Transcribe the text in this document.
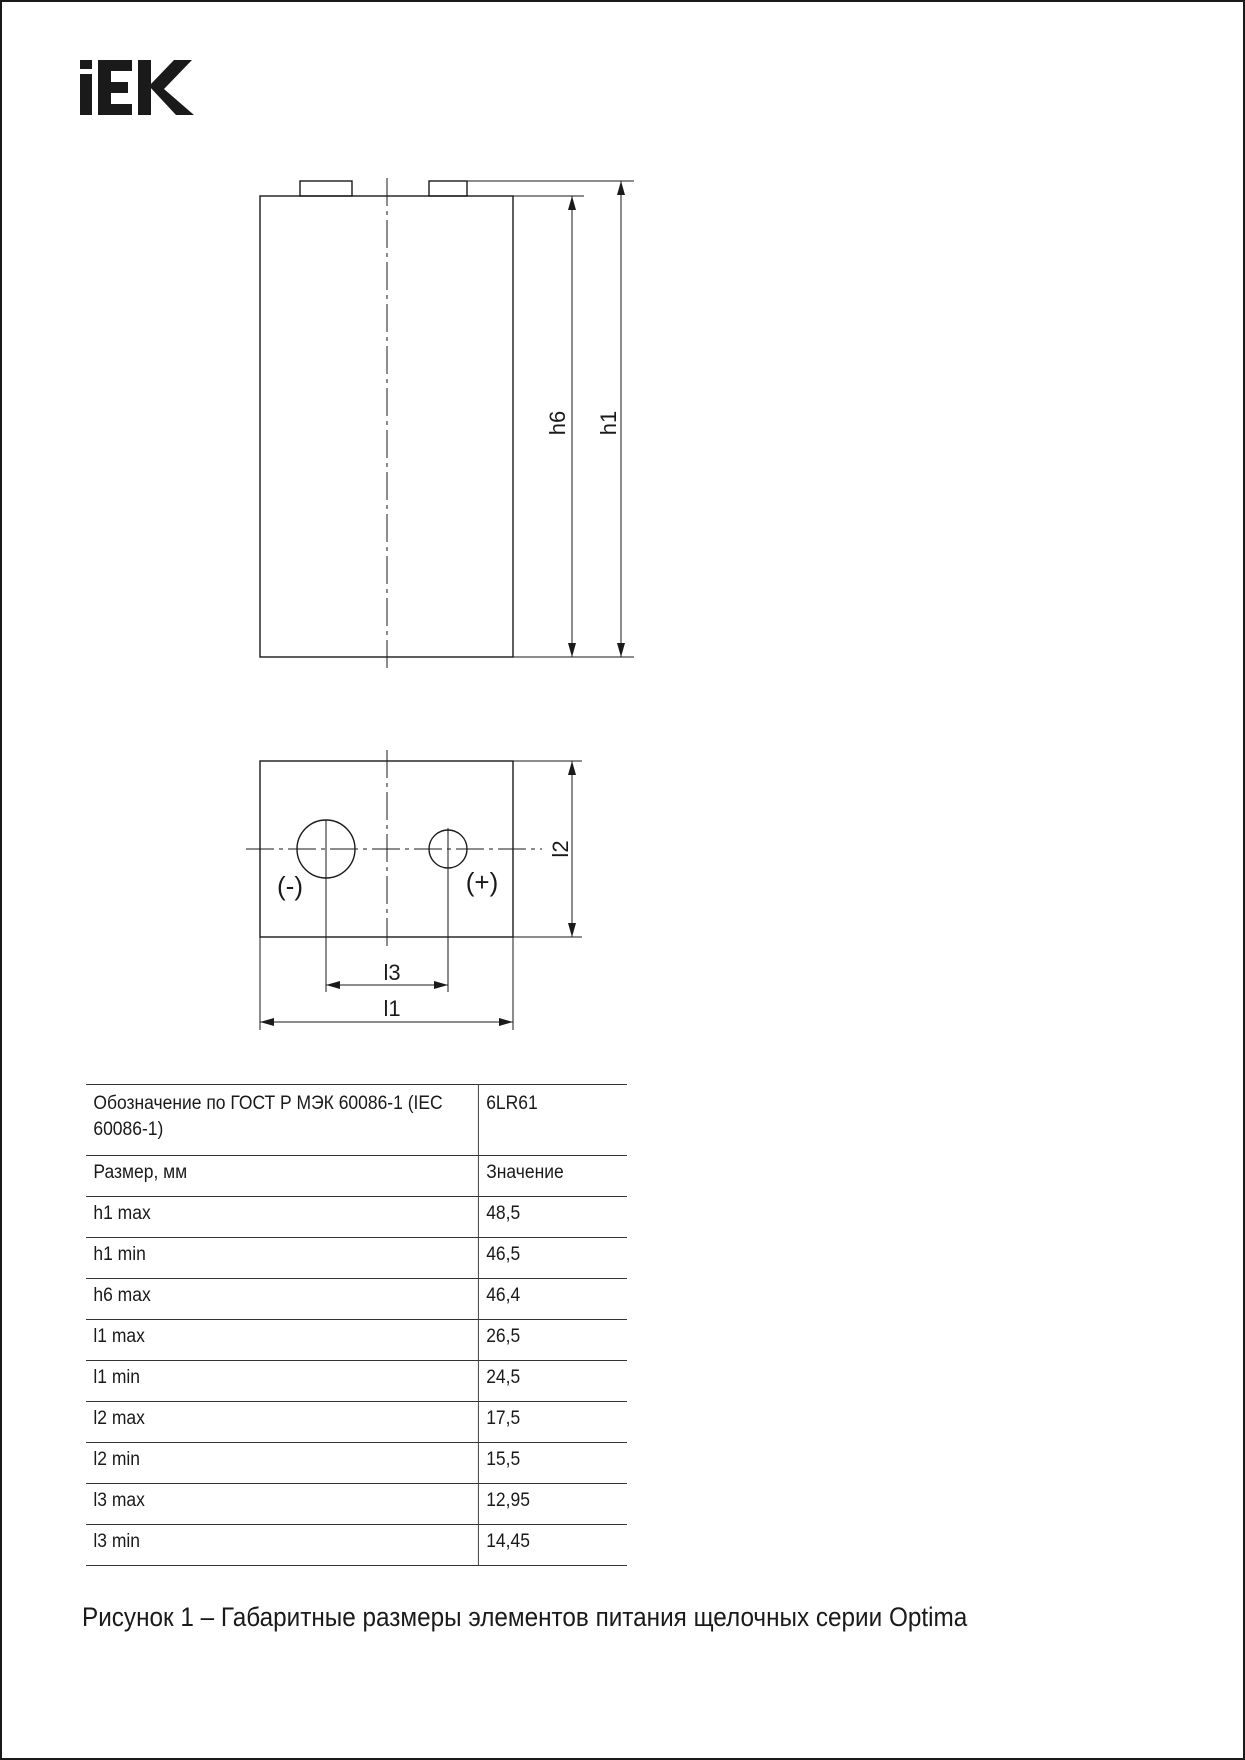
h6 h1
l2
l3
l1
(-)	(+)
Обозначение по ГОСТ Р МЭК 60086-1 (IEC 60086-1)	6LR61
Размер, мм	Значение
h1 max	48,5
h1 min	46,5
h6 max	46,4
l1 max	26,5
l1 min	24,5
l2 max	17,5
l2 min	15,5
l3 max	12,95
l3 min	14,45
Рисунок 1 – Габаритные размеры элементов питания щелочных серии Optima
